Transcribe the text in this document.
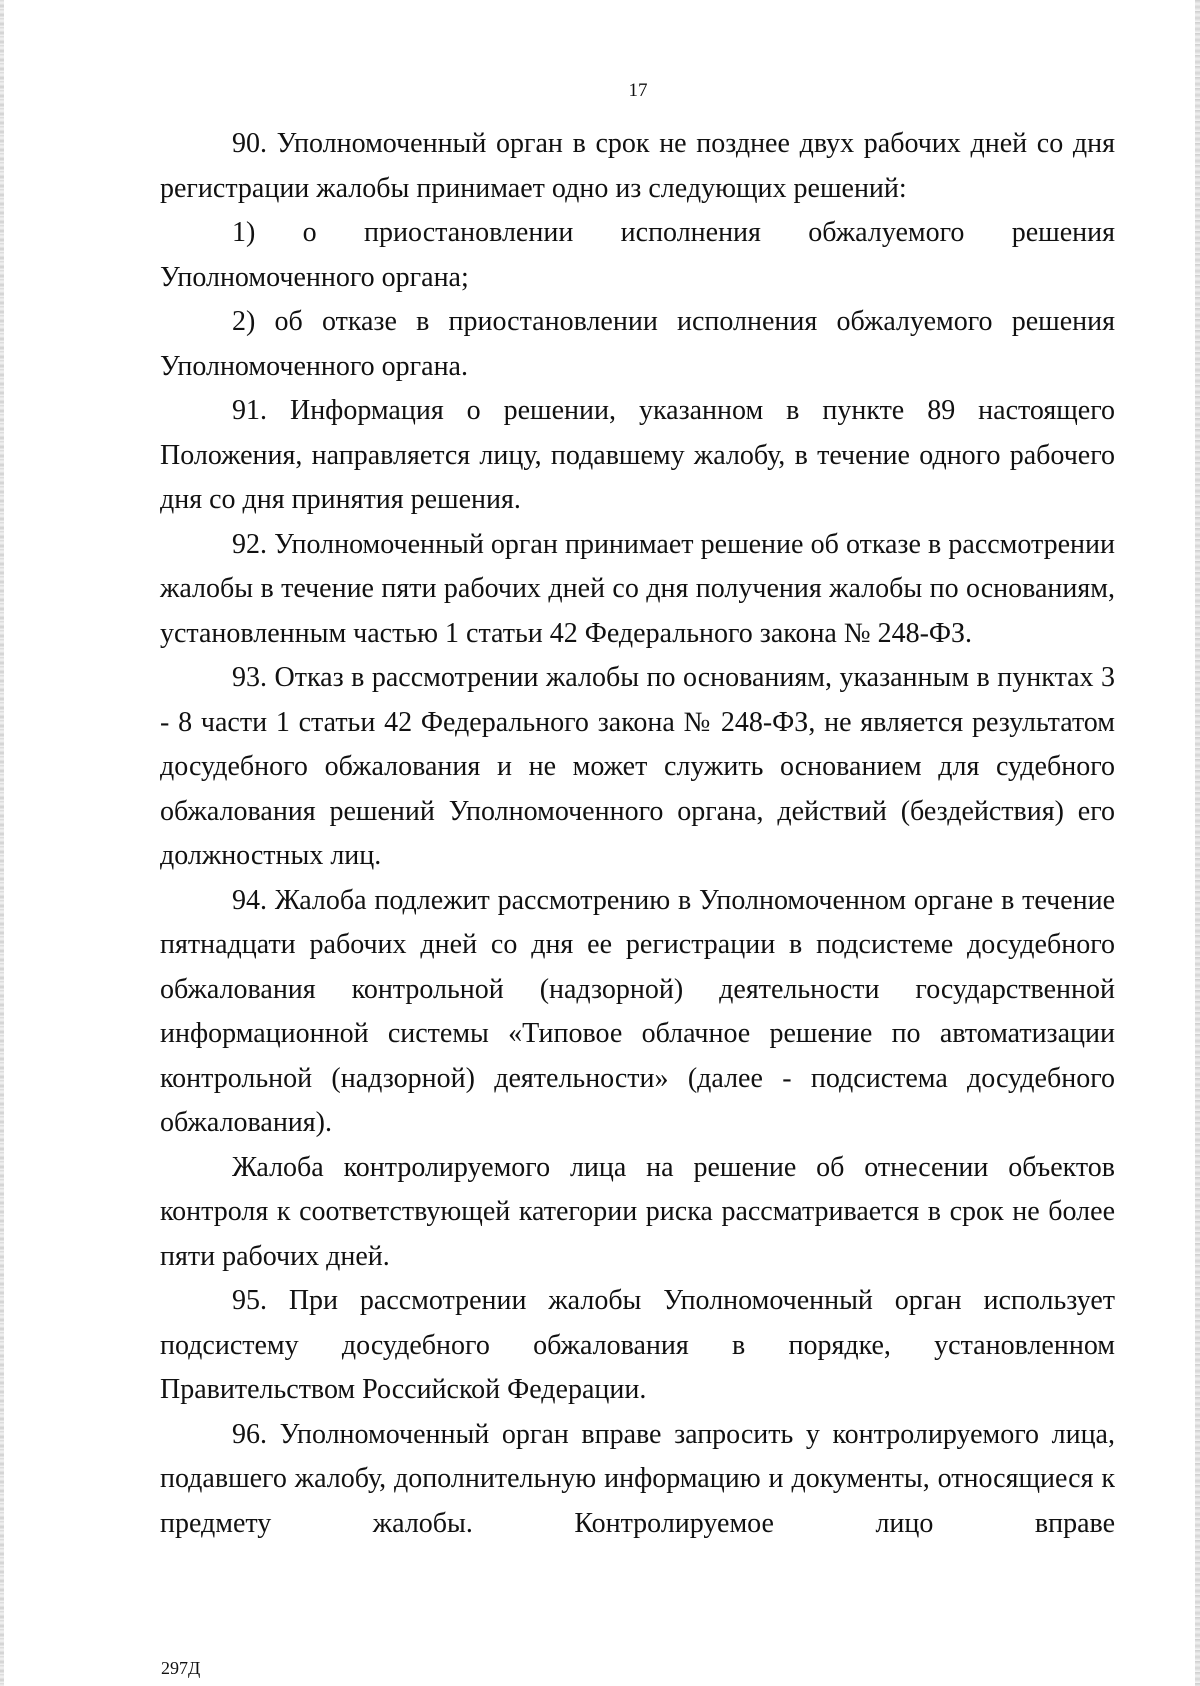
17

90. Уполномоченный орган в срок не позднее двух рабочих дней со дня регистрации жалобы принимает одно из следующих решений:

1) о приостановлении исполнения обжалуемого решения Уполномоченного органа;

2) об отказе в приостановлении исполнения обжалуемого решения Уполномоченного органа.

91. Информация о решении, указанном в пункте 89 настоящего Положения, направляется лицу, подавшему жалобу, в течение одного рабочего дня со дня принятия решения.

92. Уполномоченный орган принимает решение об отказе в рассмотрении жалобы в течение пяти рабочих дней со дня получения жалобы по основаниям, установленным частью 1 статьи 42 Федерального закона № 248-ФЗ.

93. Отказ в рассмотрении жалобы по основаниям, указанным в пунктах 3 - 8 части 1 статьи 42 Федерального закона № 248-ФЗ, не является результатом досудебного обжалования и не может служить основанием для судебного обжалования решений Уполномоченного органа, действий (бездействия) его должностных лиц.

94. Жалоба подлежит рассмотрению в Уполномоченном органе в течение пятнадцати рабочих дней со дня ее регистрации в подсистеме досудебного обжалования контрольной (надзорной) деятельности государственной информационной системы «Типовое облачное решение по автоматизации контрольной (надзорной) деятельности» (далее - подсистема досудебного обжалования).

Жалоба контролируемого лица на решение об отнесении объектов контроля к соответствующей категории риска рассматривается в срок не более пяти рабочих дней.

95. При рассмотрении жалобы Уполномоченный орган использует подсистему досудебного обжалования в порядке, установленном Правительством Российской Федерации.

96. Уполномоченный орган вправе запросить у контролируемого лица, подавшего жалобу, дополнительную информацию и документы, относящиеся к предмету жалобы. Контролируемое лицо вправе

297Д
